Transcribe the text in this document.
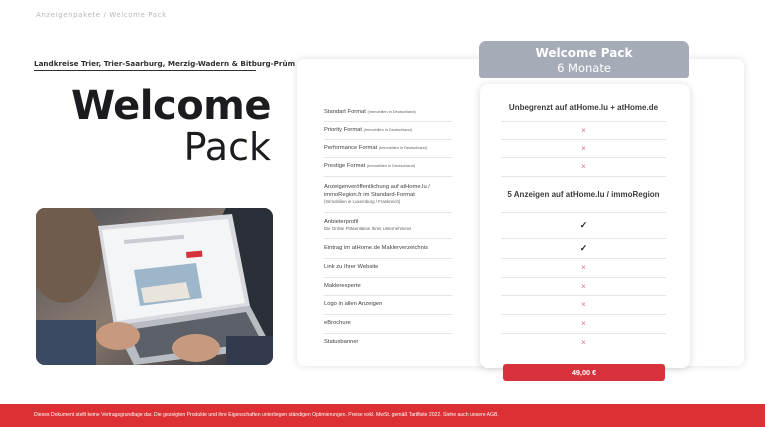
Anzeigenpakete / Welcome Pack
Landkreise Trier, Trier-Saarburg, Merzig-Wadern & Bitburg-Prüm
Welcome
Pack
Welcome Pack
6 Monate
Standart Format (Immobilien in Deutschland)
Priority Format (Immobilien in Deutschland)
Performance Format (Immobilien in Deutschland)
Prestige Format (Immobilien in Deutschland)
Anzeigenveröffentlichung auf atHome.lu / immoRegion.fr im Standard-Format
(Immobilien in Luxemburg / Frankreich)
Anbieterprofil
Die Online Präsentation Ihres Unternehmens
Eintrag im atHome.de Maklerverzeichnis
Link zu Ihrer Website
Maklerexperte
Logo in allen Anzeigen
eBrochure
Statusbanner
Unbegrenzt auf atHome.lu + atHome.de
×
×
×
5 Anzeigen auf atHome.lu / immoRegion
✓
✓
×
×
×
×
×
49,00 €
Dieses Dokument stellt keine Vertragsgrundlage dar. Die gezeigten Produkte und ihre Eigenschaften unterliegen ständigen Optimierungen. Preise exkl. MwSt. gemäß Tarifliste 2022. Siehe auch unsere AGB.
